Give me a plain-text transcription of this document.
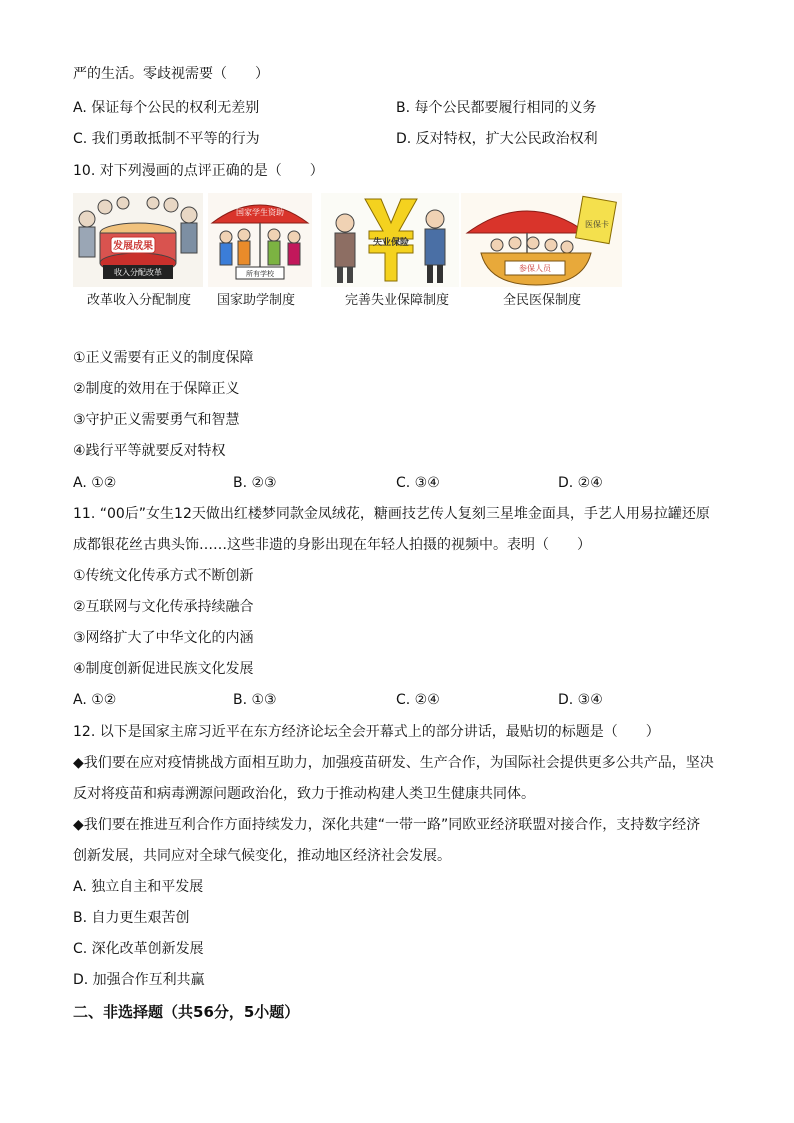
严的生活。零歧视需要（　　）
A. 保证每个公民的权利无差别	B. 每个公民都要履行相同的义务
C. 我们勇敢抵制不平等的行为	D. 反对特权，扩大公民政治权利
10. 对下列漫画的点评正确的是（　　）
发展成果
收入分配改革
改革收入分配制度
国家学生资助
所有学校
国家助学制度
失业保险
完善失业保障制度
医保卡
参保人员
全民医保制度
①正义需要有正义的制度保障
②制度的效用在于保障正义
③守护正义需要勇气和智慧
④践行平等就要反对特权
A. ①②	B. ②③	C. ③④	D. ②④
11. “00后”女生12天做出红楼梦同款金凤绒花，糖画技艺传人复刻三星堆金面具，手艺人用易拉罐还原
成都银花丝古典头饰……这些非遗的身影出现在年轻人拍摄的视频中。表明（　　）
①传统文化传承方式不断创新
②互联网与文化传承持续融合
③网络扩大了中华文化的内涵
④制度创新促进民族文化发展
A. ①②	B. ①③	C. ②④	D. ③④
12. 以下是国家主席习近平在东方经济论坛全会开幕式上的部分讲话，最贴切的标题是（　　）
◆我们要在应对疫情挑战方面相互助力，加强疫苗研发、生产合作，为国际社会提供更多公共产品，坚决
反对将疫苗和病毒溯源问题政治化，致力于推动构建人类卫生健康共同体。
◆我们要在推进互利合作方面持续发力，深化共建“一带一路”同欧亚经济联盟对接合作，支持数字经济
创新发展，共同应对全球气候变化，推动地区经济社会发展。
A. 独立自主和平发展
B. 自力更生艰苦创
C. 深化改革创新发展
D. 加强合作互利共赢
二、非选择题（共56分，5小题）
